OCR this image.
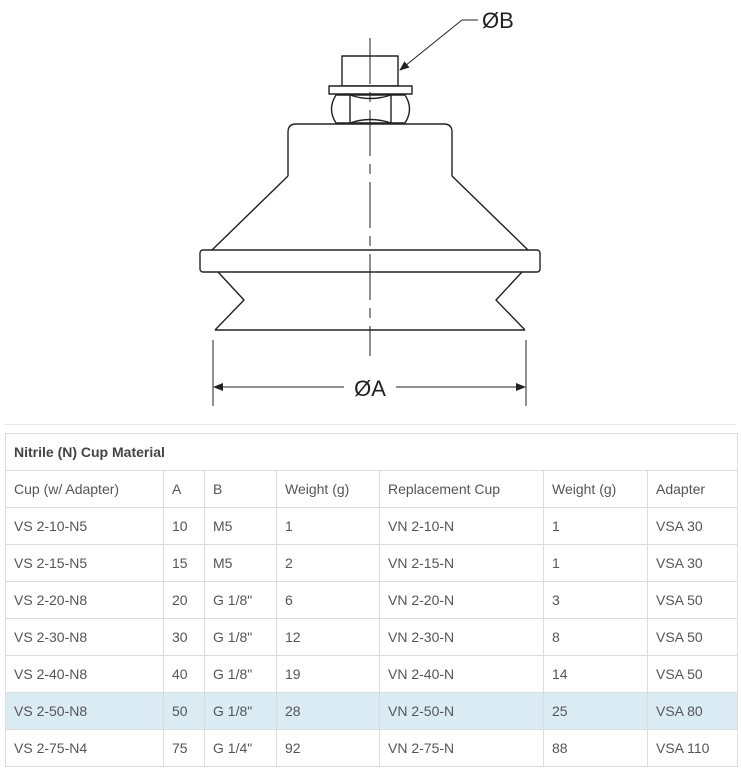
ØA
ØB
Nitrile (N) Cup Material						
Cup (w/ Adapter)	A	B	Weight (g)	Replacement Cup	Weight (g)	Adapter
VS 2-10-N5	10	M5	1	VN 2-10-N	1	VSA 30
VS 2-15-N5	15	M5	2	VN 2-15-N	1	VSA 30
VS 2-20-N8	20	G 1/8"	6	VN 2-20-N	3	VSA 50
VS 2-30-N8	30	G 1/8"	12	VN 2-30-N	8	VSA 50
VS 2-40-N8	40	G 1/8"	19	VN 2-40-N	14	VSA 50
VS 2-50-N8	50	G 1/8"	28	VN 2-50-N	25	VSA 80
VS 2-75-N4	75	G 1/4"	92	VN 2-75-N	88	VSA 110
